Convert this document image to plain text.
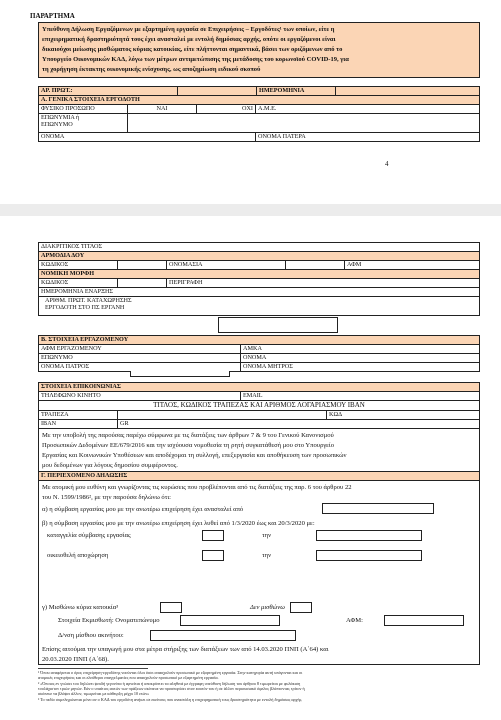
ΠΑΡΑΡΤΗΜΑ
Υπεύθυνη Δήλωση Εργαζόμενων με εξαρτημένη εργασία σε Επιχειρήσεις – Εργοδότες¹ των οποίων, είτε η
επιχειρηματική δραστηριότητά τους έχει ανασταλεί με εντολή δημόσιας αρχής, οπότε οι εργαζόμενοι είναι
δικαιούχοι μείωσης μισθώματος κύριας κατοικίας, είτε πλήττονται σημαντικά, βάσει των οριζόμενων από το
Υπουργείο Οικονομικών ΚΑΔ, λόγω των μέτρων αντιμετώπισης της μετάδοσης του κορωνοϊού COVID-19, για
τη χορήγηση έκτακτης οικονομικής ενίσχυσης, ως αποζημίωση ειδικού σκοπού
ΑΡ. ΠΡΩΤ.:	ΗΜΕΡΟΜΗΝΙΑ
Α. ΓΕΝΙΚΑ ΣΤΟΙΧΕΙΑ ΕΡΓΟΔΟΤΗ
ΦΥΣΙΚΟ ΠΡΟΣΩΠΟ	ΝΑΙ	ΟΧΙ Α.Μ.Ε.
ΕΠΩΝΥΜΙΑ ή
ΕΠΩΝΥΜΟ
ΟΝΟΜΑ	ΟΝΟΜΑ ΠΑΤΕΡΑ
4
ΔΙΑΚΡΙΤΙΚΟΣ ΤΙΤΛΟΣ
ΑΡΜΟΔΙΑ ΔΟΥ
ΚΩΔΙΚΟΣ	ΟΝΟΜΑΣΙΑ	ΑΦΜ
ΝΟΜΙΚΗ ΜΟΡΦΗ
ΚΩΔΙΚΟΣ	ΠΕΡΙΓΡΑΦΗ
ΗΜΕΡΟΜΗΝΙΑ ΕΝΑΡΞΗΣ
ΑΡΙΘΜ. ΠΡΩΤ. ΚΑΤΑΧΩΡΗΣΗΣ
ΕΡΓΟΔΟΤΗ ΣΤΟ ΠΣ ΕΡΓΑΝΗ
Β. ΣΤΟΙΧΕΙΑ ΕΡΓΑΖΟΜΕΝΟΥ
ΑΦΜ ΕΡΓΑΖΟΜΕΝΟΥ	ΑΜΚΑ
ΕΠΩΝΥΜΟ	ΟΝΟΜΑ
ΟΝΟΜΑ ΠΑΤΡΟΣ	ΟΝΟΜΑ ΜΗΤΡΟΣ
ΣΤΟΙΧΕΙΑ ΕΠΙΚΟΙΝΩΝΙΑΣ
ΤΗΛΕΦΩΝΟ ΚΙΝΗΤΟ	EMAIL
ΤΙΤΛΟΣ, ΚΩΔΙΚΟΣ ΤΡΑΠΕΖΑΣ ΚΑΙ ΑΡΙΘΜΟΣ ΛΟΓΑΡΙΑΣΜΟΥ IBAN
ΤΡΑΠΕΖΑ	ΚΩΔ
IBAN	GR
Με την υποβολή της παρούσας παρέχω σύμφωνα με τις διατάξεις των άρθρων 7 & 9 του Γενικού Κανονισμού
Προσωπικών Δεδομένων ΕΕ/679/2016 και την ισχύουσα νομοθεσία τη ρητή συγκατάθεσή μου στο Υπουργείο
Εργασίας και Κοινωνικών Υποθέσεων και αποδέχομαι τη συλλογή, επεξεργασία και αποθήκευση των προσωπικών
μου δεδομένων για λόγους δημοσίου συμφέροντος.
Γ. ΠΕΡΙΕΧΟΜΕΝΟ ΔΗΛΩΣΗΣ
Με ατομική μου ευθύνη και γνωρίζοντας τις κυρώσεις που προβλέπονται από τις διατάξεις της παρ. 6 του άρθρου 22
του Ν. 1599/1986², με την παρούσα δηλώνω ότι:
α) η σύμβαση εργασίας μου με την ανωτέρω επιχείρηση έχει ανασταλεί από
β) η σύμβαση εργασίας μου με την ανωτέρω επιχείρηση έχει λυθεί από 1/3/2020 έως και 20/3/2020 με:
καταγγελία σύμβασης εργασίας	την
οικειοθελή αποχώρηση	την
γ) Μισθώνω κύρια κατοικία³	Δεν μισθώνω
Στοιχεία Εκμισθωτή: Ονοματεπώνυμο	ΑΦΜ:
Δ/νση μίσθιου ακινήτου:
Επίσης αιτούμαι την υπαγωγή μου στα μέτρα στήριξης των διατάξεων των από 14.03.2020 ΠΝΠ (Α΄64) και
20.03.2020 ΠΝΠ (Α΄68).
¹ Όπου αναφέρεται ο όρος επιχείρηση-εργοδότης νοούνται όλοι όσοι απασχολούν προσωπικό με εξαρτημένη εργασία. Στην κατηγορία αυτή υπάγονται και οι
ατομικές επιχειρήσεις και οι ελεύθεροι επαγγελματίες που απασχολούν προσωπικό με εξαρτημένη εργασία.
² «Όποιος εν γνώσει του δηλώνει ψευδή γεγονότα ή αρνείται ή αποκρύπτει τα αληθινά με έγγραφη υπεύθυνη δήλωση του άρθρου 8 τιμωρείται με φυλάκιση
τουλάχιστον τριών μηνών. Εάν ο υπαίτιος αυτών των πράξεων σκόπευε να προσπορίσει στον εαυτόν του ή σε άλλον περιουσιακό όφελος βλάπτοντας τρίτον ή
σκόπευε να βλάψει άλλον, τιμωρείται με κάθειρξη μέχρι 10 ετών»
³ Το πεδίο συμπληρώνεται μόνο αν ο ΚΑΔ του εργοδότη ανήκει σε εκείνους που αναστάλη η επιχειρηματική τους δραστηριότητα με εντολή δημόσιας αρχής.
